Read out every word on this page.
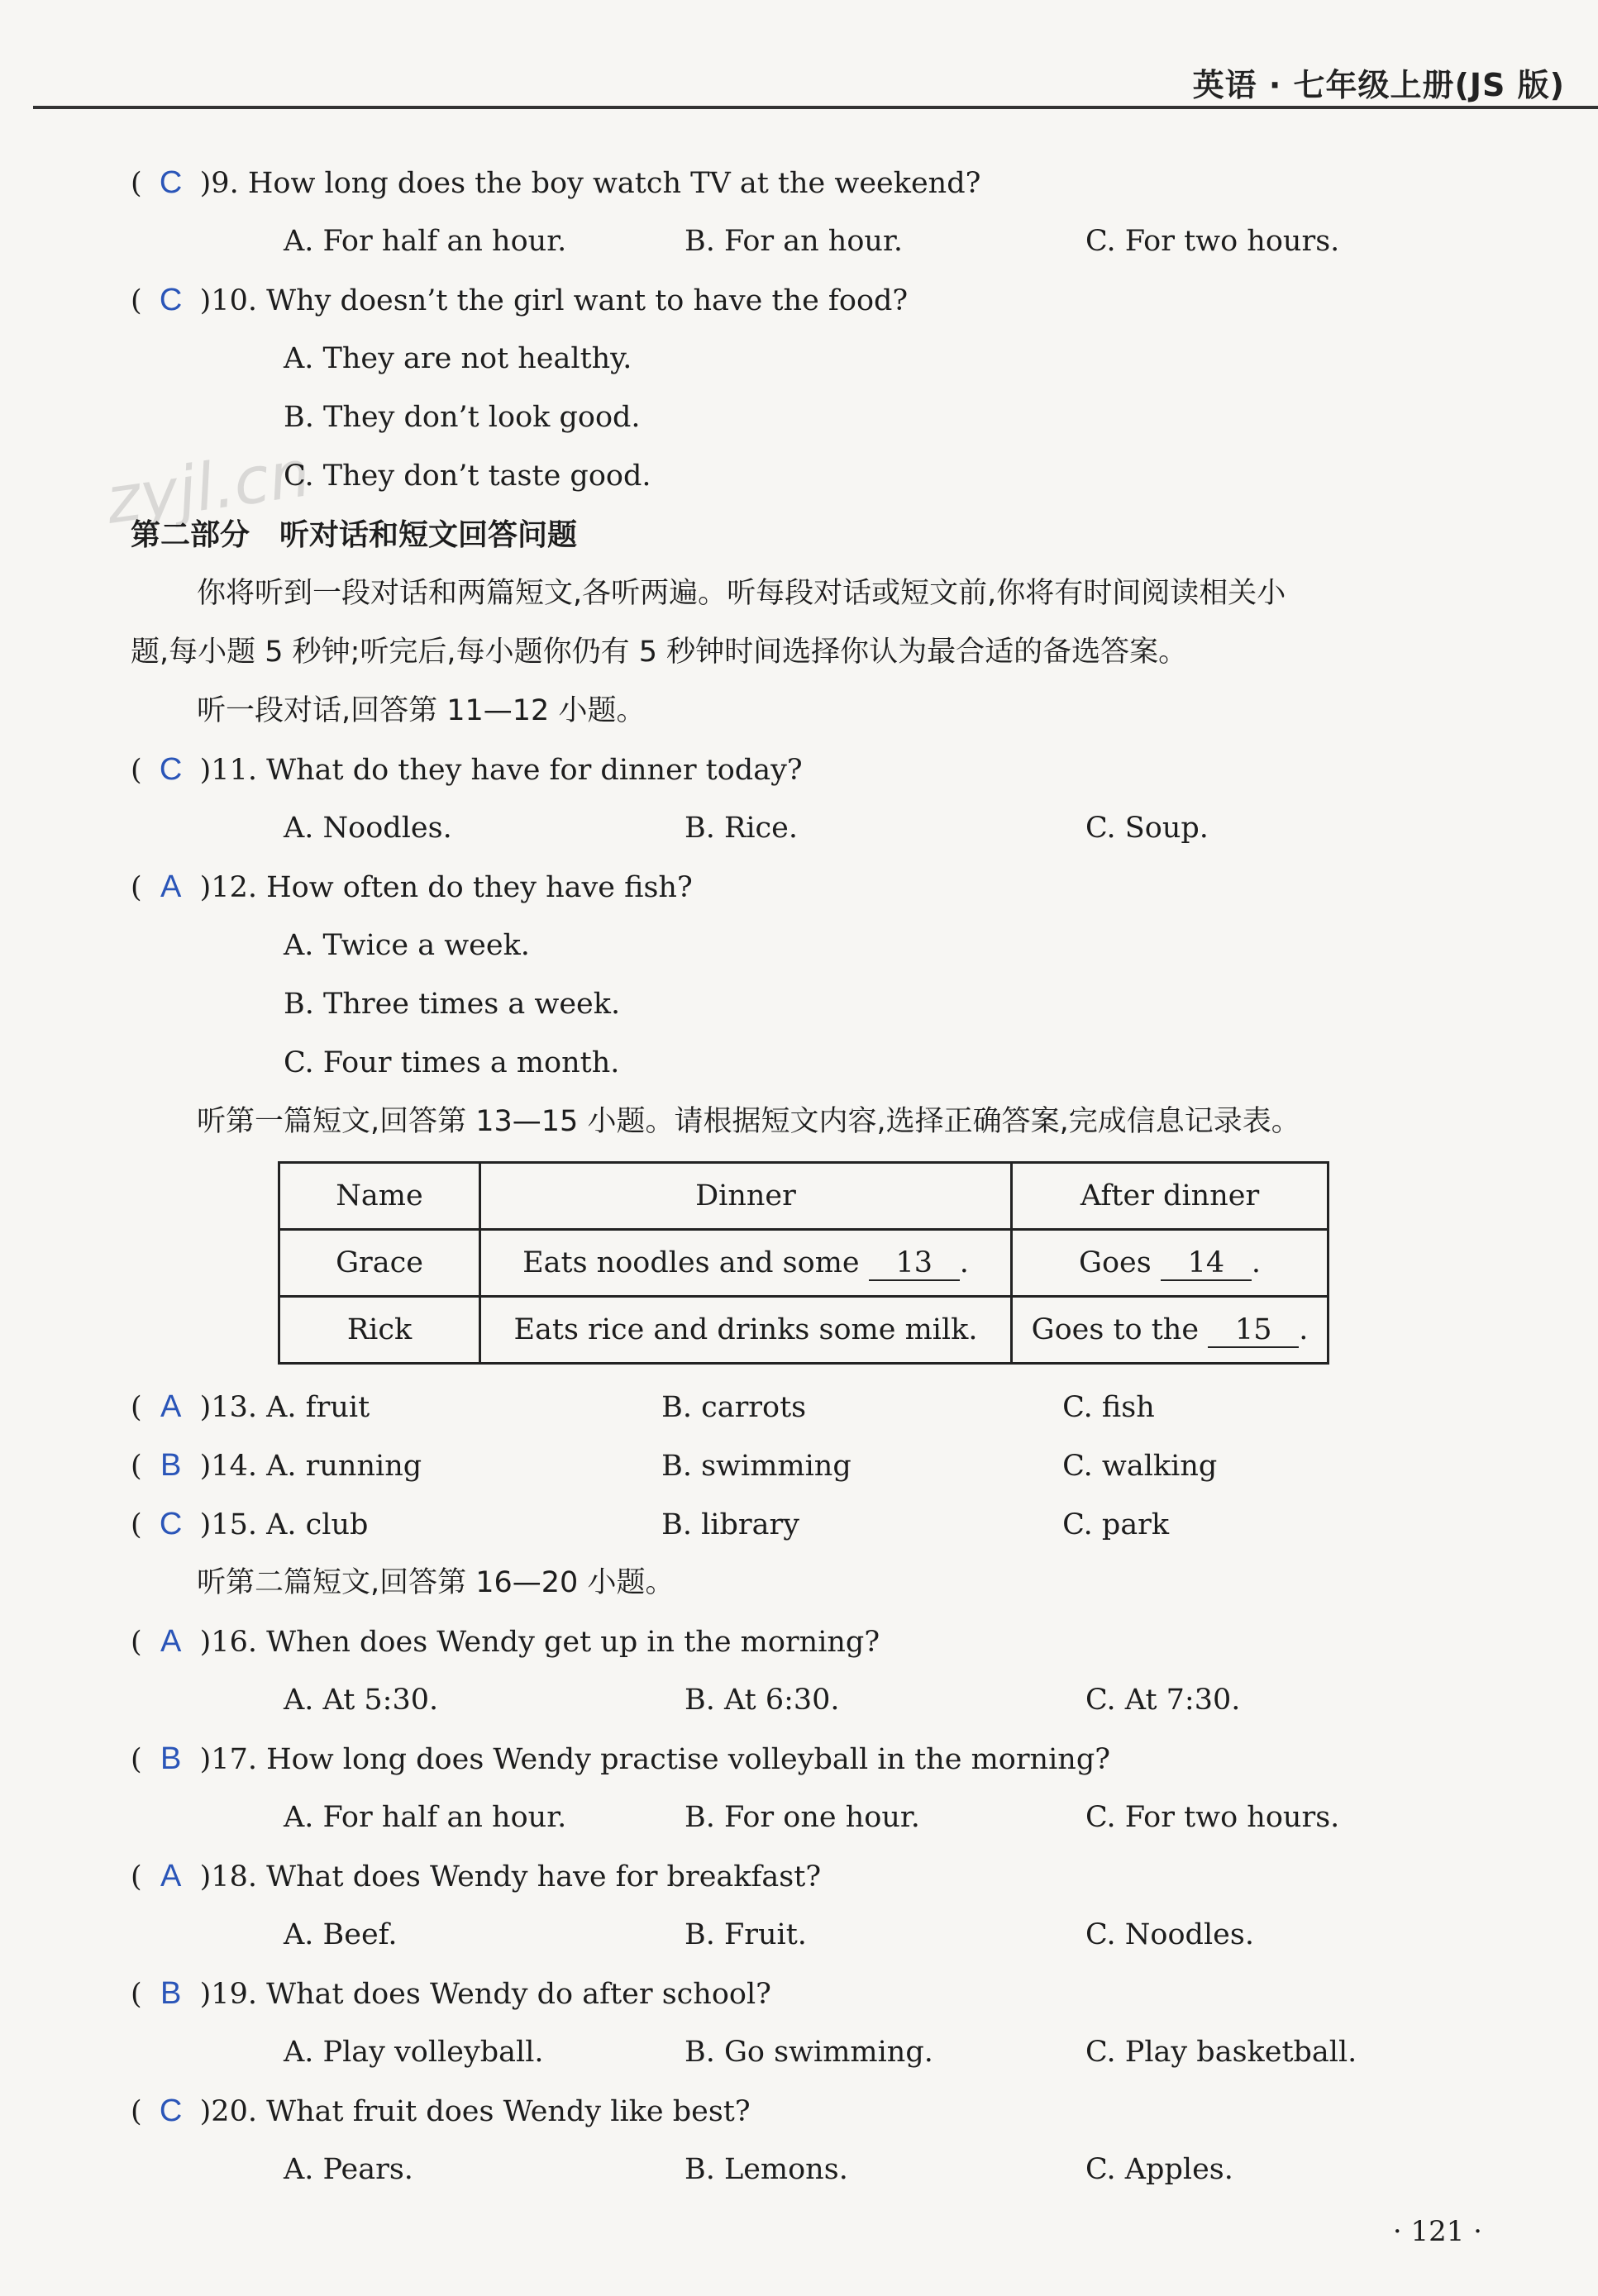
英语 · 七年级上册(JS 版)
zyjl.cn
( C )9.
How long does the boy watch TV at the weekend?
A. For half an hour.	B. For an hour.	C. For two hours.
( C )10.
Why doesn’t the girl want to have the food?
A. They are not healthy.
B. They don’t look good.
C. They don’t taste good.
第二部分　听对话和短文回答问题
你将听到一段对话和两篇短文,各听两遍。听每段对话或短文前,你将有时间阅读相关小
题,每小题 5 秒钟;听完后,每小题你仍有 5 秒钟时间选择你认为最合适的备选答案。
听一段对话,回答第 11—12 小题。
( C )11.
What do they have for dinner today?
A. Noodles.	B. Rice.	C. Soup.
( A )12.
How often do they have fish?
A. Twice a week.
B. Three times a week.
C. Four times a month.
听第一篇短文,回答第 13—15 小题。请根据短文内容,选择正确答案,完成信息记录表。
Name	Dinner	After dinner
Grace	Eats noodles and some 13 .	Goes 14 .
Rick	Eats rice and drinks some milk.	Goes to the 15 .
( A )13.
A. fruit	B. carrots	C. fish
( B )14.
A. running	B. swimming	C. walking
( C )15.
A. club	B. library	C. park
听第二篇短文,回答第 16—20 小题。
( A )16.
When does Wendy get up in the morning?
A. At 5:30.	B. At 6:30.	C. At 7:30.
( B )17.
How long does Wendy practise volleyball in the morning?
A. For half an hour.	B. For one hour.	C. For two hours.
( A )18.
What does Wendy have for breakfast?
A. Beef.	B. Fruit.	C. Noodles.
( B )19.
What does Wendy do after school?
A. Play volleyball.	B. Go swimming.	C. Play basketball.
( C )20.
What fruit does Wendy like best?
A. Pears.	B. Lemons.	C. Apples.
· 121 ·
